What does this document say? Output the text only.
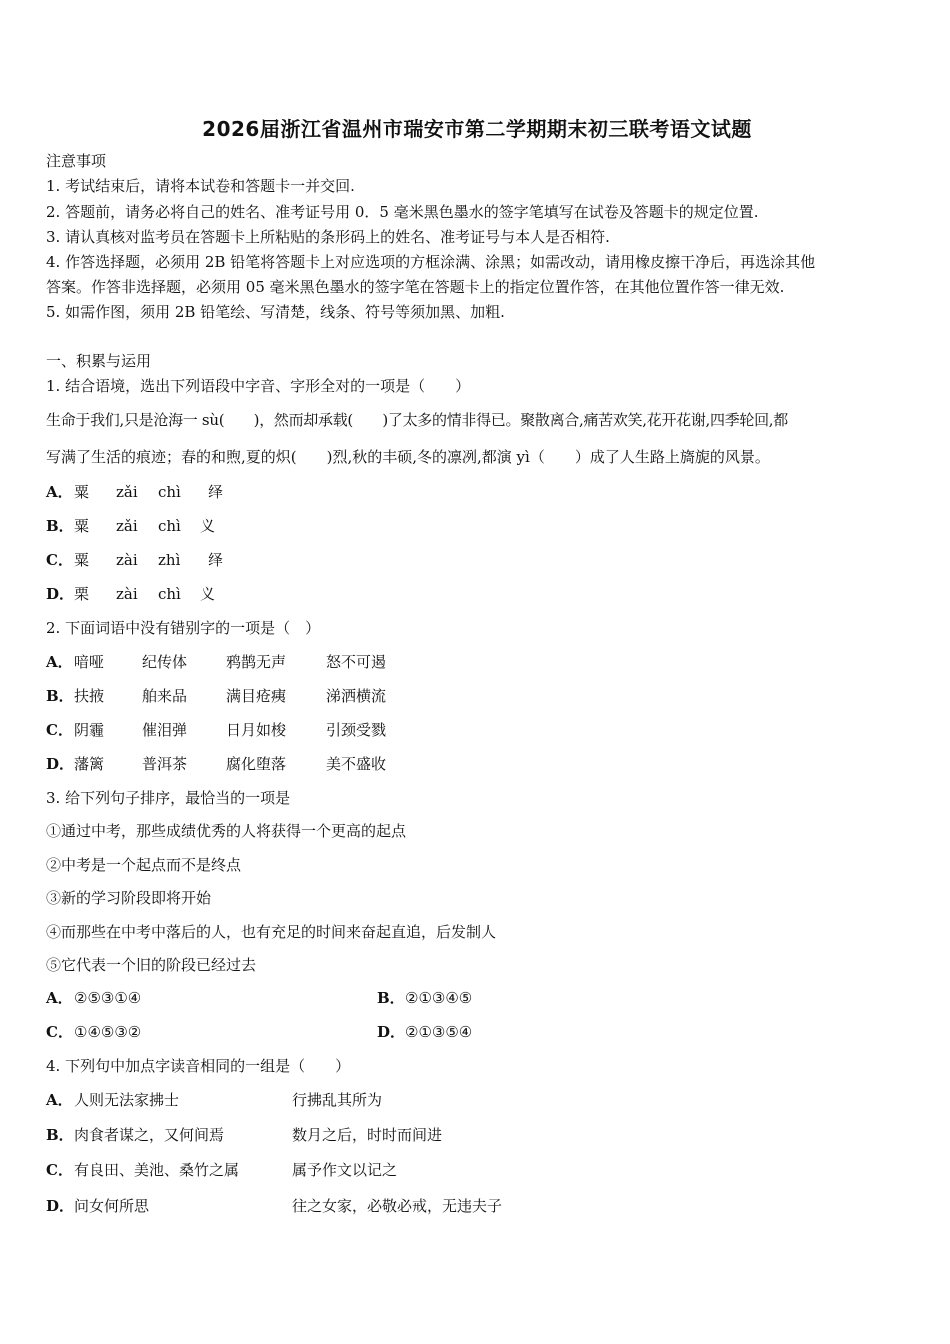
2026届浙江省温州市瑞安市第二学期期末初三联考语文试题
注意事项
1. 考试结束后，请将本试卷和答题卡一并交回.
2. 答题前，请务必将自己的姓名、准考证号用 0．5 毫米黑色墨水的签字笔填写在试卷及答题卡的规定位置.
3. 请认真核对监考员在答题卡上所粘贴的条形码上的姓名、准考证号与本人是否相符.
4. 作答选择题，必须用 2B 铅笔将答题卡上对应选项的方框涂满、涂黑；如需改动，请用橡皮擦干净后，再选涂其他
答案。作答非选择题，必须用 05 毫米黑色墨水的签字笔在答题卡上的指定位置作答，在其他位置作答一律无效.
5. 如需作图，须用 2B 铅笔绘、写清楚，线条、符号等须加黑、加粗.
一、积累与运用
1. 结合语境，选出下列语段中字音、字形全对的一项是（　　）
生命于我们,只是沧海一 sù(　　)，然而却承载(　　)了太多的情非得已。聚散离合,痛苦欢笑,花开花谢,四季轮回,都
写满了生活的痕迹；春的和煦,夏的炽(　　)烈,秋的丰硕,冬的凛冽,都演 yì（　　）成了人生路上旖旎的风景。
A．粟 zǎi chì 绎
B．粟 zǎi chì 义
C．粟 zài zhì 绎
D．栗 zài chì 义
2. 下面词语中没有错别字的一项是（　）
A．喑哑	纪传体	鸦鹊无声	怒不可遏
B．扶掖	舶来品	满目疮痍	涕洒横流
C．阴霾	催泪弹	日月如梭	引颈受戮
D．藩篱	普洱茶	腐化堕落	美不盛收
3. 给下列句子排序，最恰当的一项是
①通过中考，那些成绩优秀的人将获得一个更高的起点
②中考是一个起点而不是终点
③新的学习阶段即将开始
④而那些在中考中落后的人，也有充足的时间来奋起直追，后发制人
⑤它代表一个旧的阶段已经过去
A．②⑤③①④	B．②①③④⑤
C．①④⑤③②	D．②①③⑤④
4. 下列句中加点字读音相同的一组是（　　）
A．人则无法家拂士	行拂乱其所为
B．肉食者谋之，又何间焉	数月之后，时时而间进
C．有良田、美池、桑竹之属	属予作文以记之
D．问女何所思	往之女家，必敬必戒，无违夫子
